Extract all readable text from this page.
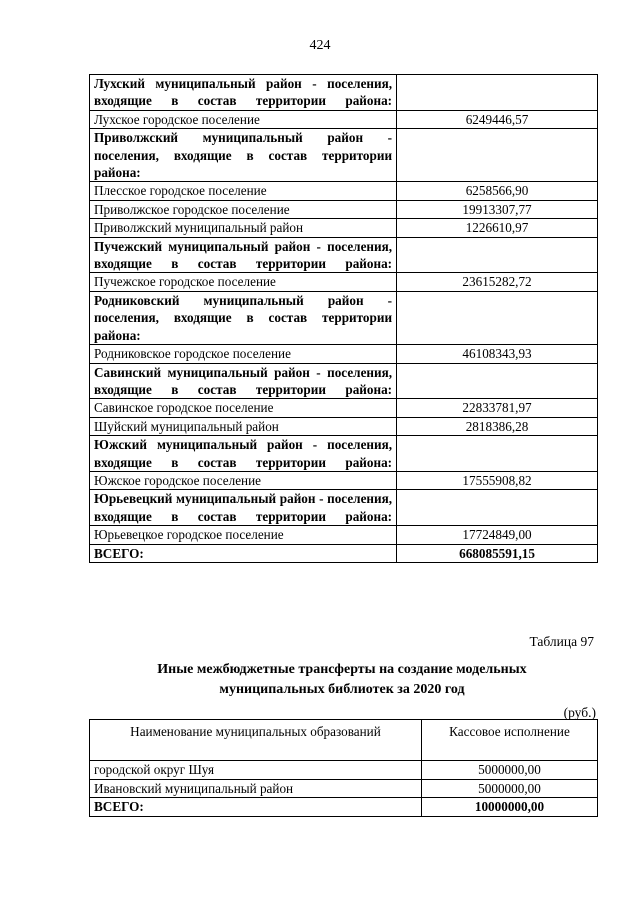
424
Лухский муниципальный район - поселения, входящие в состав территории района:	
Лухское городское поселение	6249446,57
Приволжский муниципальный район - поселения, входящие в состав территории района:	
Плесское городское поселение	6258566,90
Приволжское городское поселение	19913307,77
Приволжский муниципальный район	1226610,97
Пучежский муниципальный район - поселения, входящие в состав территории района:	
Пучежское городское поселение	23615282,72
Родниковский муниципальный район - поселения, входящие в состав территории района:	
Родниковское городское поселение	46108343,93
Савинский муниципальный район - поселения, входящие в состав территории района:	
Савинское городское поселение	22833781,97
Шуйский муниципальный район	2818386,28
Южский муниципальный район - поселения, входящие в состав территории района:	
Южское городское поселение	17555908,82
Юрьевецкий муниципальный район - поселения, входящие в состав территории района:	
Юрьевецкое городское поселение	17724849,00
ВСЕГО:	668085591,15
Таблица 97
Иные межбюджетные трансферты на создание модельных
муниципальных библиотек за 2020 год
(руб.)
Наименование муниципальных образований	Кассовое исполнение
городской округ Шуя	5000000,00
Ивановский муниципальный район	5000000,00
ВСЕГО:	10000000,00
